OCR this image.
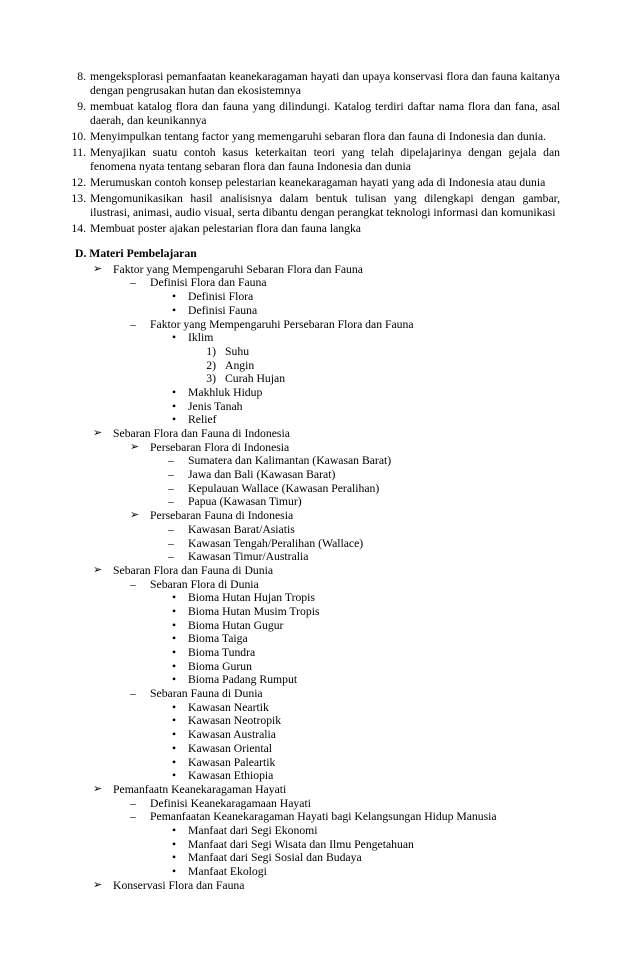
8. mengeksplorasi pemanfaatan keanekaragaman hayati dan upaya konservasi flora dan fauna kaitanya dengan pengrusakan hutan dan ekosistemnya
9. membuat katalog flora dan fauna yang dilindungi. Katalog terdiri daftar nama flora dan fana, asal daerah, dan keunikannya
10. Menyimpulkan tentang factor yang memengaruhi sebaran flora dan fauna di Indonesia dan dunia.
11. Menyajikan suatu contoh kasus keterkaitan teori yang telah dipelajarinya dengan gejala dan fenomena nyata tentang sebaran flora dan fauna Indonesia dan dunia
12. Merumuskan contoh konsep pelestarian keanekaragaman hayati yang ada di Indonesia atau dunia
13. Mengomunikasikan hasil analisisnya dalam bentuk tulisan yang dilengkapi dengan gambar, ilustrasi, animasi, audio visual, serta dibantu dengan perangkat teknologi informasi dan komunikasi
14. Membuat poster ajakan pelestarian flora dan fauna langka
D. Materi Pembelajaran
➢ Faktor yang Mempengaruhi Sebaran Flora dan Fauna
– Definisi Flora dan Fauna
• Definisi Flora
• Definisi Fauna
– Faktor yang Mempengaruhi Persebaran Flora dan Fauna
• Iklim
1) Suhu
2) Angin
3) Curah Hujan
• Makhluk Hidup
• Jenis Tanah
• Relief
➢ Sebaran Flora dan Fauna di Indonesia
➢ Persebaran Flora di Indonesia
– Sumatera dan Kalimantan (Kawasan Barat)
– Jawa dan Bali (Kawasan Barat)
– Kepulauan Wallace (Kawasan Peralihan)
– Papua (Kawasan Timur)
➢ Persebaran Fauna di Indonesia
– Kawasan Barat/Asiatis
– Kawasan Tengah/Peralihan (Wallace)
– Kawasan Timur/Australia
➢ Sebaran Flora dan Fauna di Dunia
– Sebaran Flora di Dunia
• Bioma Hutan Hujan Tropis
• Bioma Hutan Musim Tropis
• Bioma Hutan Gugur
• Bioma Taiga
• Bioma Tundra
• Bioma Gurun
• Bioma Padang Rumput
– Sebaran Fauna di Dunia
• Kawasan Neartik
• Kawasan Neotropik
• Kawasan Australia
• Kawasan Oriental
• Kawasan Paleartik
• Kawasan Ethiopia
➢ Pemanfaatn Keanekaragaman Hayati
– Definisi Keanekaragamaan Hayati
– Pemanfaatan Keanekaragaman Hayati bagi Kelangsungan Hidup Manusia
• Manfaat dari Segi Ekonomi
• Manfaat dari Segi Wisata dan Ilmu Pengetahuan
• Manfaat dari Segi Sosial dan Budaya
• Manfaat Ekologi
➢ Konservasi Flora dan Fauna
